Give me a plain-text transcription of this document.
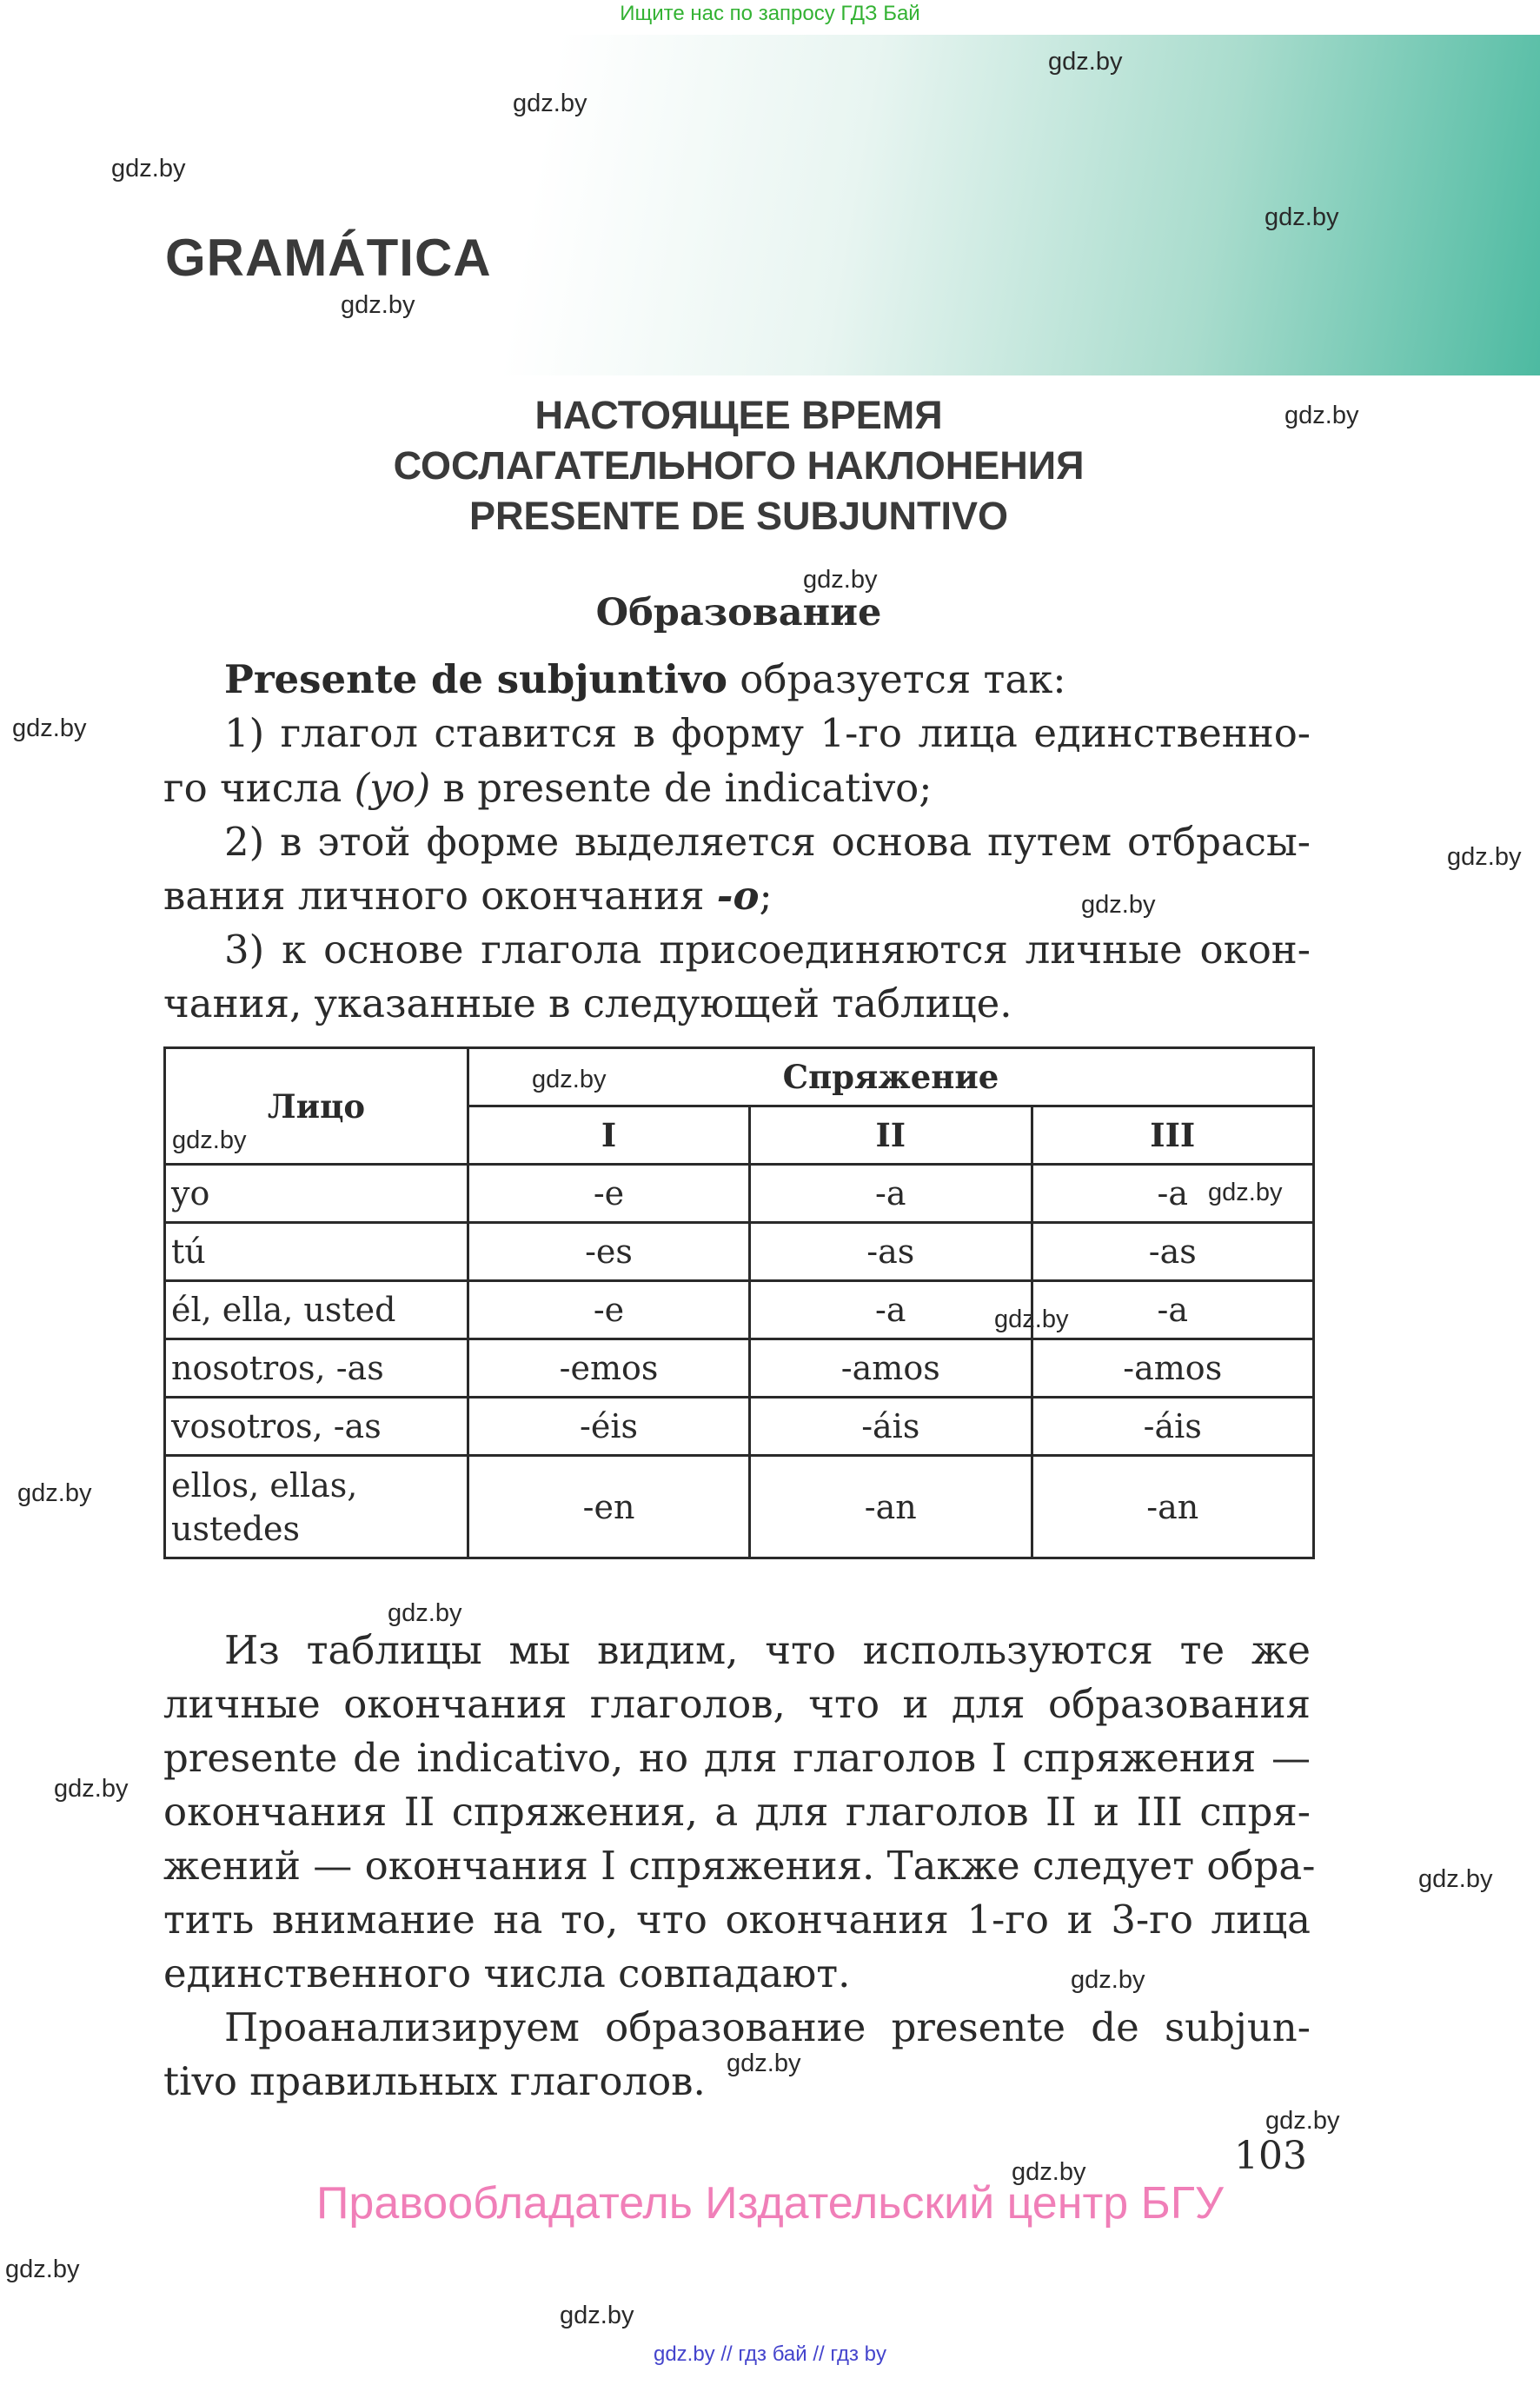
Ищите нас по запросу ГДЗ Бай
GRAMÁTICA
НАСТОЯЩЕЕ ВРЕМЯ
СОСЛАГАТЕЛЬНОГО НАКЛОНЕНИЯ
PRESENTE DE SUBJUNTIVO
Образование
Presente de subjuntivo образуется так:
1) глагол ставится в форму 1-го лица единственно-
го числа (yo) в presente de indicativo;
2) в этой форме выделяется основа путем отбрасы-
вания личного окончания -o;
3) к основе глагола присоединяются личные окон-
чания, указанные в следующей таблице.
Лицо	Спряжение		
	I	II	III
yo	-e	-a	-a
tú	-es	-as	-as
él, ella, usted	-e	-a	-a
nosotros, -as	-emos	-amos	-amos
vosotros, -as	-éis	-áis	-áis
ellos, ellas,
ustedes	-en	-an	-an
Из таблицы мы видим, что используются те же
личные окончания глаголов, что и для образования
presente de indicativo, но для глаголов I спряжения —
окончания II спряжения, а для глаголов II и III спря-
жений — окончания I спряжения. Также следует обра-
тить внимание на то, что окончания 1-го и 3-го лица
единственного числа совпадают.
Проанализируем образование presente de subjun-
tivo правильных глаголов.
103
Правообладатель Издательский центр БГУ
gdz.by // гдз бай // гдз by
gdz.by
gdz.by
gdz.by
gdz.by
gdz.by
gdz.by
gdz.by
gdz.by
gdz.by
gdz.by
gdz.by
gdz.by
gdz.by
gdz.by
gdz.by
gdz.by
gdz.by
gdz.by
gdz.by
gdz.by
gdz.by
gdz.by
gdz.by
gdz.by
